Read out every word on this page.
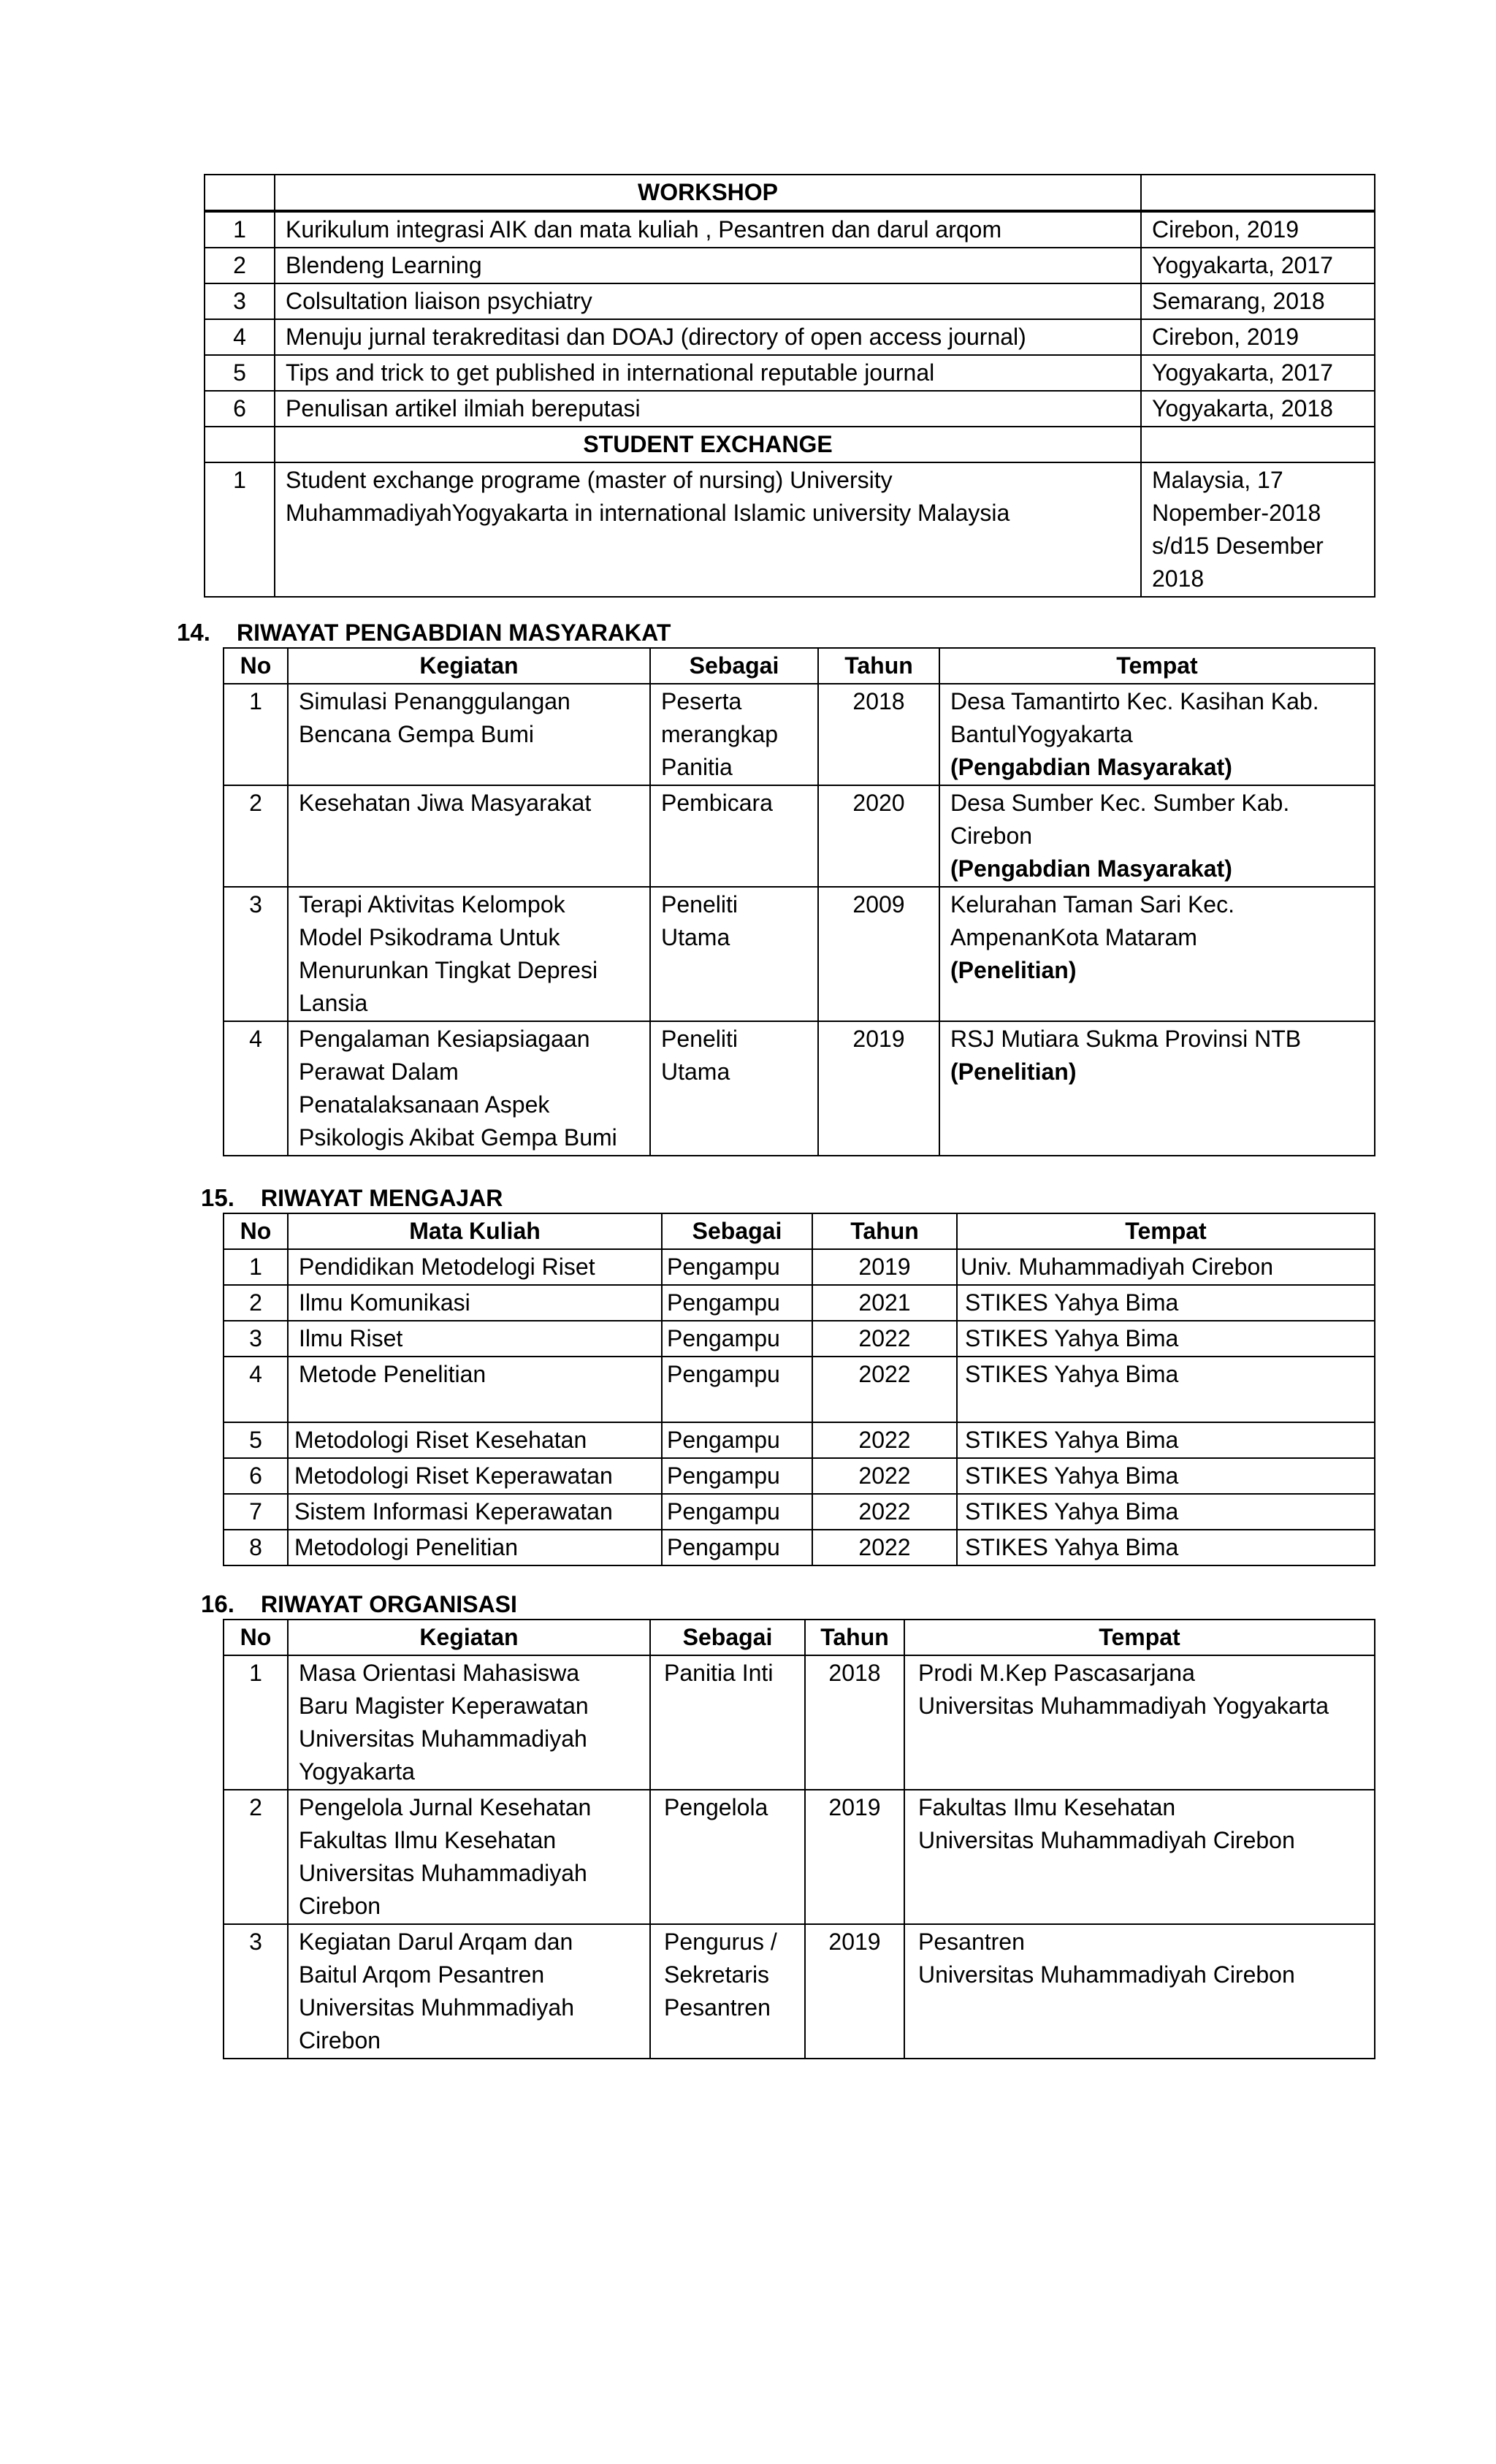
	WORKSHOP	
1	Kurikulum integrasi AIK dan mata kuliah , Pesantren dan darul arqom	Cirebon, 2019
2	Blendeng Learning	Yogyakarta, 2017
3	Colsultation liaison psychiatry	Semarang, 2018
4	Menuju jurnal terakreditasi dan DOAJ (directory of open access journal)	Cirebon, 2019
5	Tips and trick to get published in international reputable journal	Yogyakarta, 2017
6	Penulisan artikel ilmiah bereputasi	Yogyakarta, 2018
	STUDENT EXCHANGE	
1	Student exchange programe (master of nursing) University
MuhammadiyahYogyakarta in international Islamic university Malaysia	Malaysia, 17
Nopember-2018
s/d15 Desember
2018
14. RIWAYAT PENGABDIAN MASYARAKAT
No	Kegiatan	Sebagai	Tahun	Tempat
1	Simulasi Penanggulangan
Bencana Gempa Bumi	Peserta
merangkap
Panitia	2018	Desa Tamantirto Kec. Kasihan Kab.
BantulYogyakarta
(Pengabdian Masyarakat)

2	Kesehatan Jiwa Masyarakat	Pembicara	2020	Desa Sumber Kec. Sumber Kab.
Cirebon
(Pengabdian Masyarakat)

3	Terapi Aktivitas Kelompok
Model Psikodrama Untuk
Menurunkan Tingkat Depresi
Lansia	Peneliti
Utama	2009	Kelurahan Taman Sari Kec.
AmpenanKota Mataram
(Penelitian)

4	Pengalaman Kesiapsiagaan
Perawat Dalam
Penatalaksanaan Aspek
Psikologis Akibat Gempa Bumi	Peneliti
Utama	2019	RSJ Mutiara Sukma Provinsi NTB
(Penelitian)
15. RIWAYAT MENGAJAR
No	Mata Kuliah	Sebagai	Tahun	Tempat
1	Pendidikan Metodelogi Riset	Pengampu	2019	Univ. Muhammadiyah Cirebon
2	Ilmu Komunikasi	Pengampu	2021	STIKES Yahya Bima
3	Ilmu Riset	Pengampu	2022	STIKES Yahya Bima
4	Metode Penelitian	Pengampu	2022	STIKES Yahya Bima
5	Metodologi Riset Kesehatan	Pengampu	2022	STIKES Yahya Bima
6	Metodologi Riset Keperawatan	Pengampu	2022	STIKES Yahya Bima
7	Sistem Informasi Keperawatan	Pengampu	2022	STIKES Yahya Bima
8	Metodologi Penelitian	Pengampu	2022	STIKES Yahya Bima
16. RIWAYAT ORGANISASI
No	Kegiatan	Sebagai	Tahun	Tempat
1	Masa Orientasi Mahasiswa
Baru Magister Keperawatan
Universitas Muhammadiyah
Yogyakarta	Panitia Inti	2018	Prodi M.Kep Pascasarjana
Universitas Muhammadiyah Yogyakarta

2	Pengelola Jurnal Kesehatan
Fakultas Ilmu Kesehatan
Universitas Muhammadiyah
Cirebon	Pengelola	2019	Fakultas Ilmu Kesehatan
Universitas Muhammadiyah Cirebon

3	Kegiatan Darul Arqam dan
Baitul Arqom Pesantren
Universitas Muhmmadiyah
Cirebon	Pengurus /
Sekretaris
Pesantren	2019	Pesantren
Universitas Muhammadiyah Cirebon
